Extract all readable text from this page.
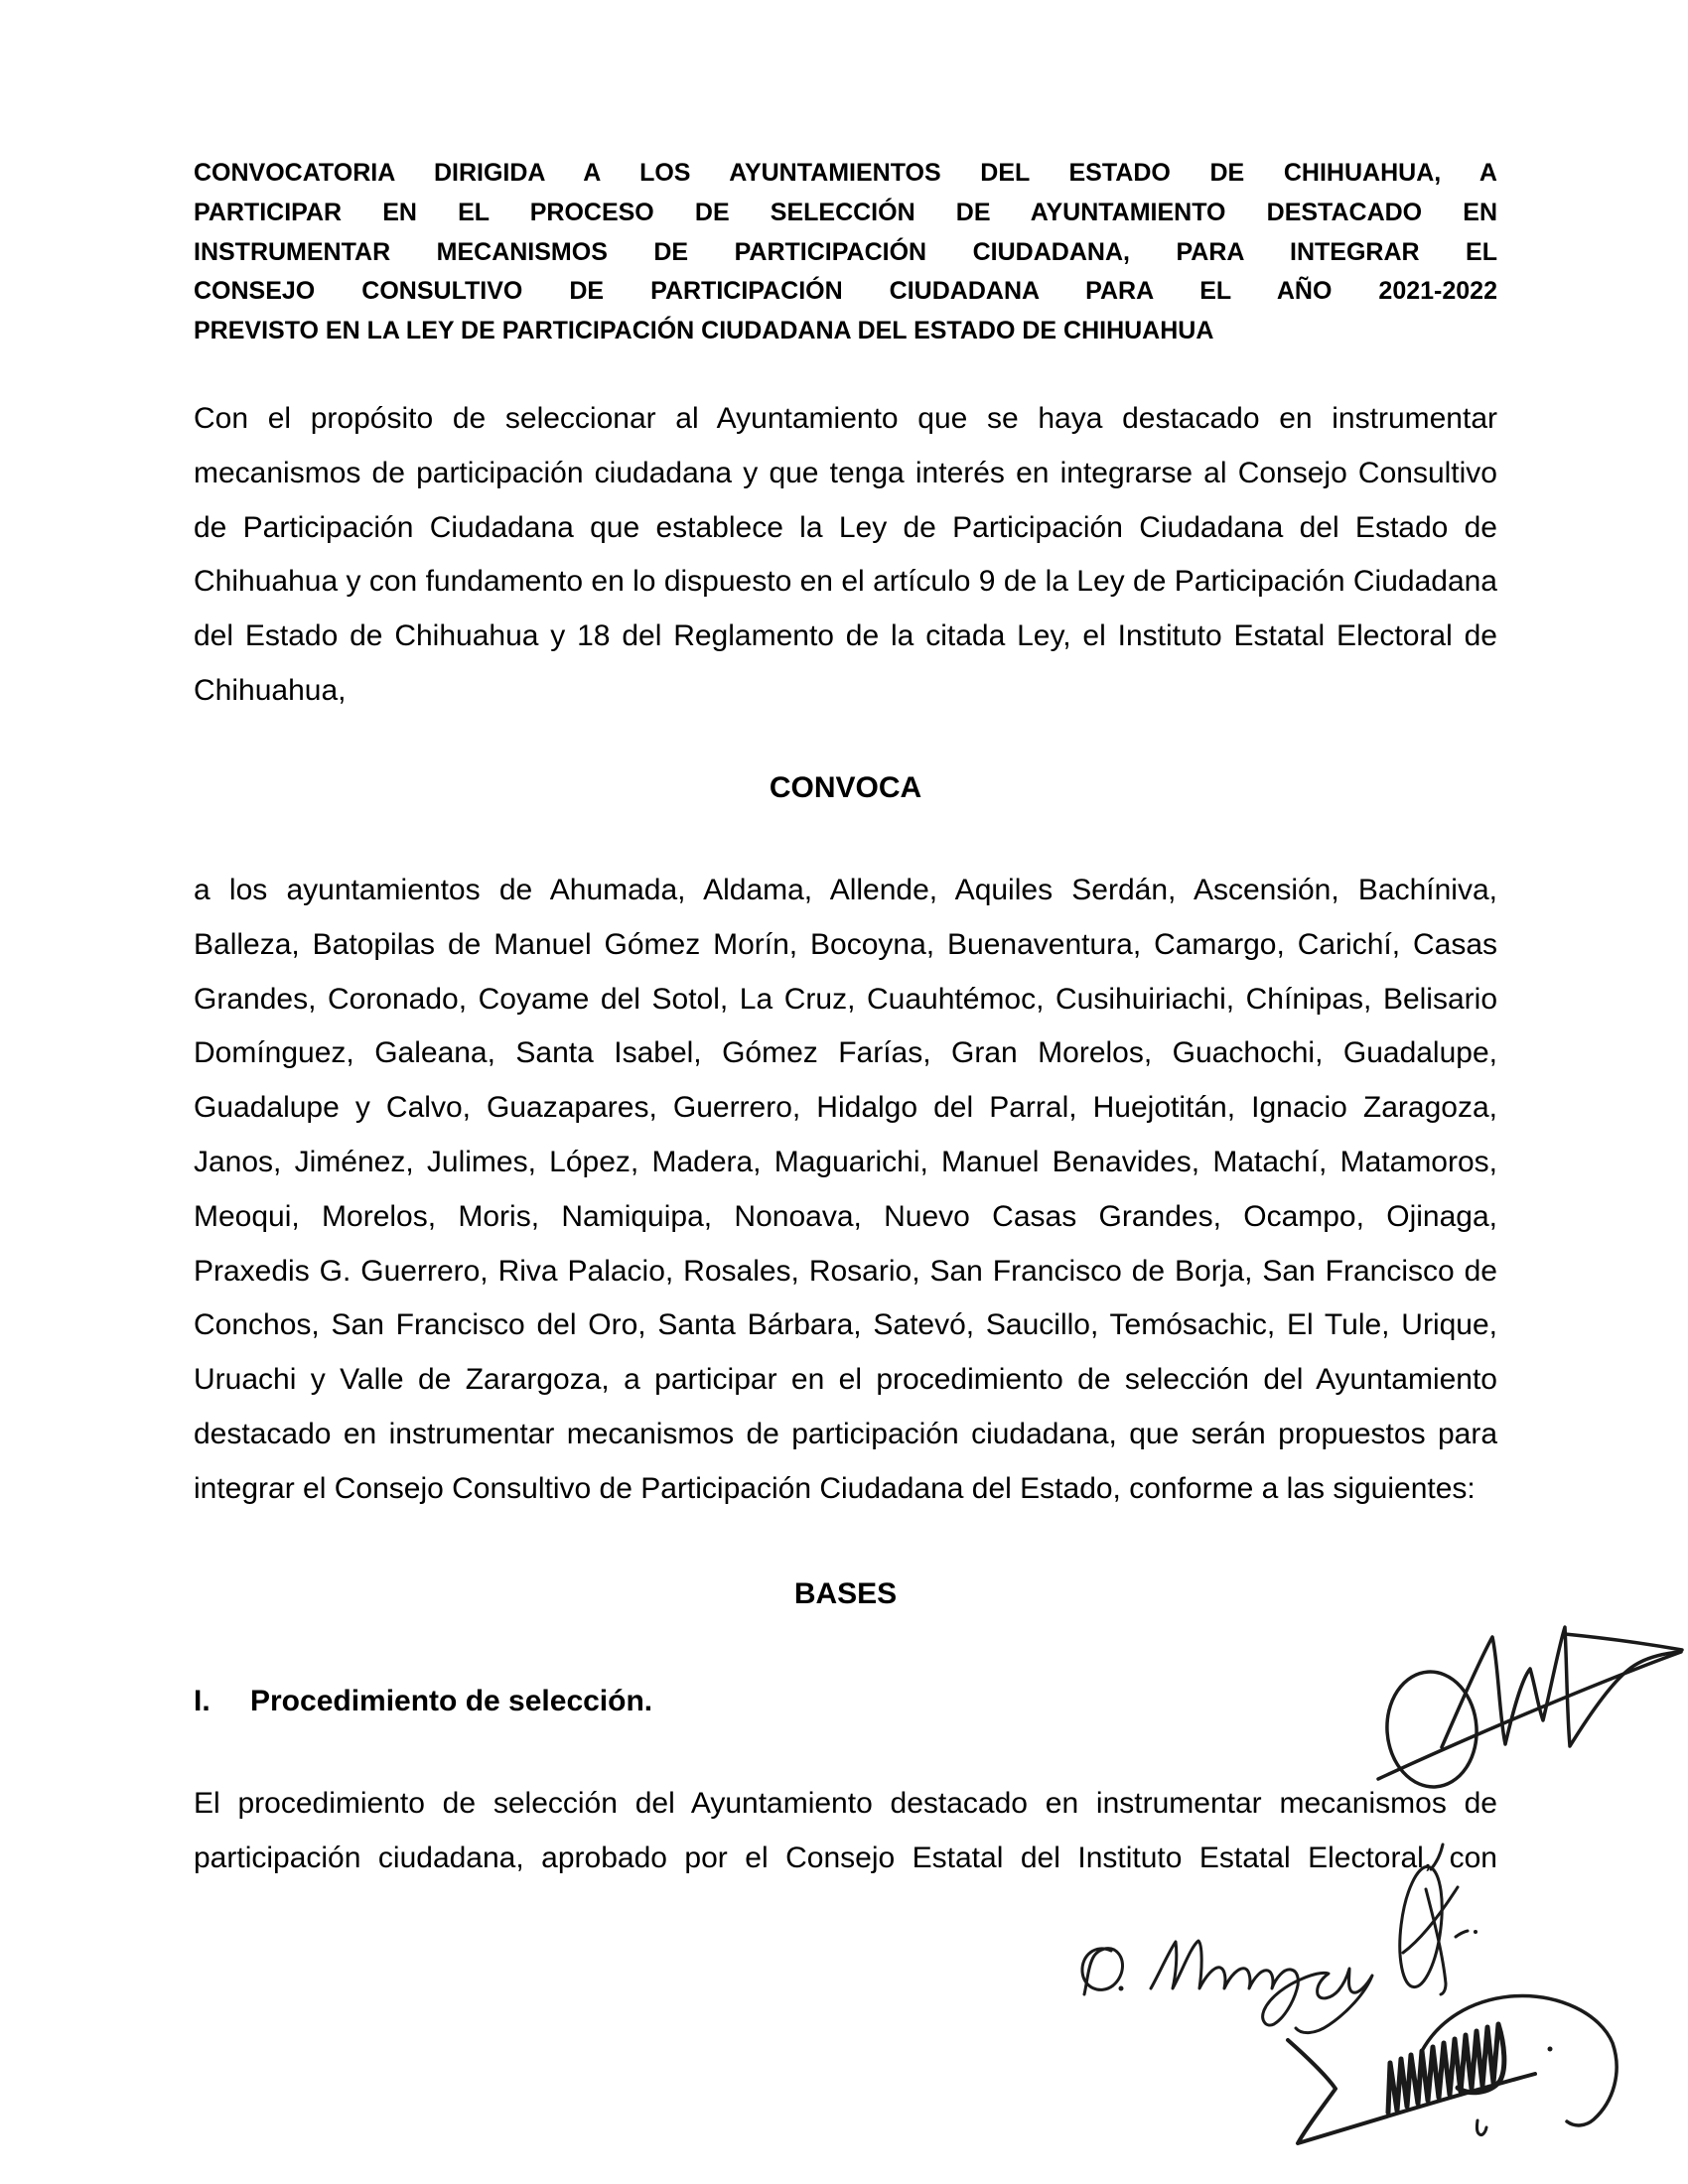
CONVOCATORIA DIRIGIDA A LOS AYUNTAMIENTOS DEL ESTADO DE CHIHUAHUA, A
PARTICIPAR EN EL PROCESO DE SELECCIÓN DE AYUNTAMIENTO DESTACADO EN
INSTRUMENTAR MECANISMOS DE PARTICIPACIÓN CIUDADANA, PARA INTEGRAR EL
CONSEJO CONSULTIVO DE PARTICIPACIÓN CIUDADANA PARA EL AÑO 2021-2022
PREVISTO EN LA LEY DE PARTICIPACIÓN CIUDADANA DEL ESTADO DE CHIHUAHUA
Con el propósito de seleccionar al Ayuntamiento que se haya destacado en instrumentar
mecanismos de participación ciudadana y que tenga interés en integrarse al Consejo Consultivo
de Participación Ciudadana que establece la Ley de Participación Ciudadana del Estado de
Chihuahua y con fundamento en lo dispuesto en el artículo 9 de la Ley de Participación Ciudadana
del Estado de Chihuahua y 18 del Reglamento de la citada Ley, el Instituto Estatal Electoral de
Chihuahua,
CONVOCA
a los ayuntamientos de Ahumada, Aldama, Allende, Aquiles Serdán, Ascensión, Bachíniva,
Balleza, Batopilas de Manuel Gómez Morín, Bocoyna, Buenaventura, Camargo, Carichí, Casas
Grandes, Coronado, Coyame del Sotol, La Cruz, Cuauhtémoc, Cusihuiriachi, Chínipas, Belisario
Domínguez, Galeana, Santa Isabel, Gómez Farías, Gran Morelos, Guachochi, Guadalupe,
Guadalupe y Calvo, Guazapares, Guerrero, Hidalgo del Parral, Huejotitán, Ignacio Zaragoza,
Janos, Jiménez, Julimes, López, Madera, Maguarichi, Manuel Benavides, Matachí, Matamoros,
Meoqui, Morelos, Moris, Namiquipa, Nonoava, Nuevo Casas Grandes, Ocampo, Ojinaga,
Praxedis G. Guerrero, Riva Palacio, Rosales, Rosario, San Francisco de Borja, San Francisco de
Conchos, San Francisco del Oro, Santa Bárbara, Satevó, Saucillo, Temósachic, El Tule, Urique,
Uruachi y Valle de Zarargoza, a participar en el procedimiento de selección del Ayuntamiento
destacado en instrumentar mecanismos de participación ciudadana, que serán propuestos para
integrar el Consejo Consultivo de Participación Ciudadana del Estado, conforme a las siguientes:
BASES
I. Procedimiento de selección.
El procedimiento de selección del Ayuntamiento destacado en instrumentar mecanismos de
participación ciudadana, aprobado por el Consejo Estatal del Instituto Estatal Electoral, con
